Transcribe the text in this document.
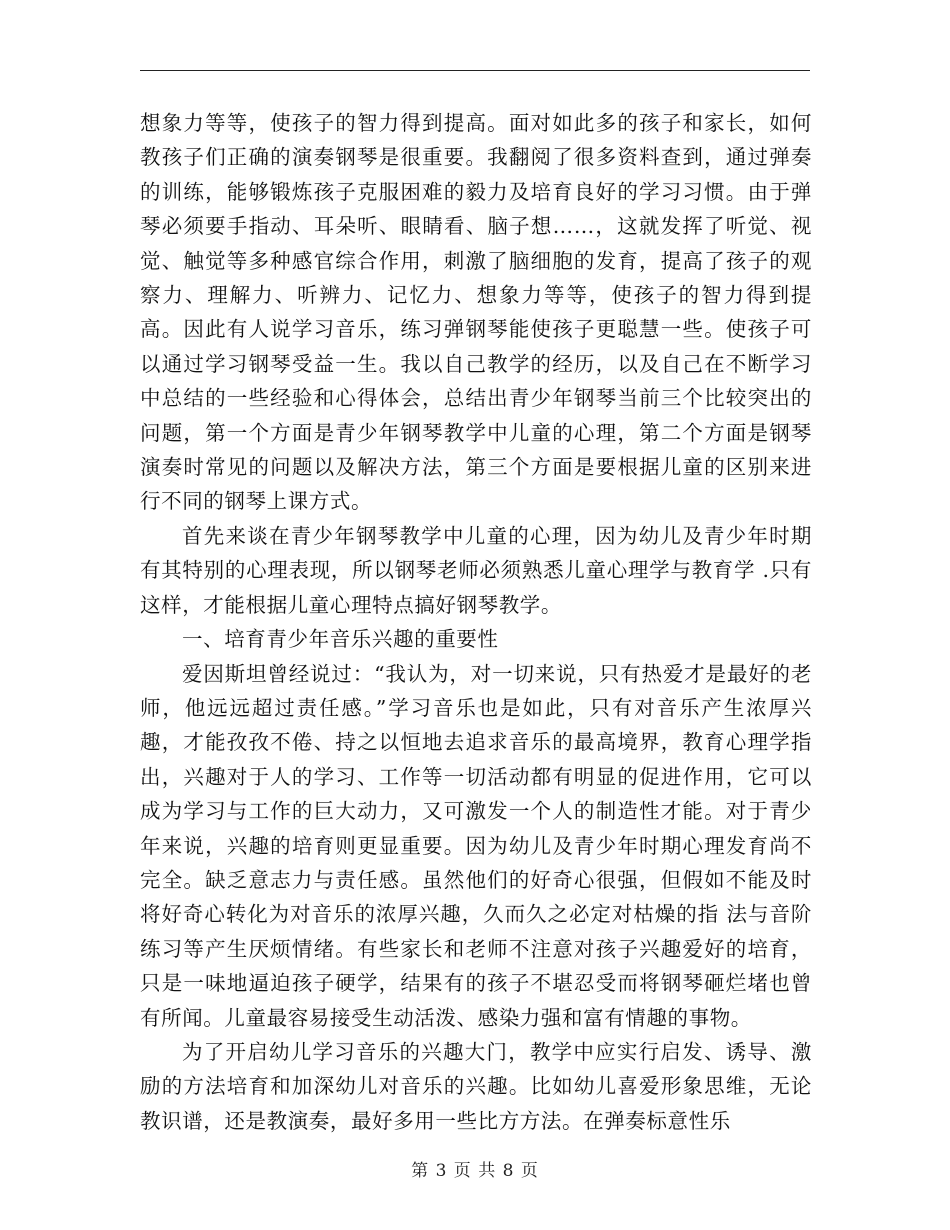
想象力等等，使孩子的智力得到提高。面对如此多的孩子和家长，如何教孩子们正确的演奏钢琴是很重要。我翻阅了很多资料查到，通过弹奏的训练，能够锻炼孩子克服困难的毅力及培育良好的学习习惯。由于弹琴必须要手指动、耳朵听、眼睛看、脑子想……，这就发挥了听觉、视觉、触觉等多种感官综合作用，刺激了脑细胞的发育，提高了孩子的观察力、理解力、听辨力、记忆力、想象力等等，使孩子的智力得到提高。因此有人说学习音乐，练习弹钢琴能使孩子更聪慧一些。使孩子可以通过学习钢琴受益一生。我以自己教学的经历，以及自己在不断学习中总结的一些经验和心得体会，总结出青少年钢琴当前三个比较突出的问题，第一个方面是青少年钢琴教学中儿童的心理，第二个方面是钢琴演奏时常见的问题以及解决方法，第三个方面是要根据儿童的区别来进行不同的钢琴上课方式。

首先来谈在青少年钢琴教学中儿童的心理，因为幼儿及青少年时期有其特别的心理表现，所以钢琴老师必须熟悉儿童心理学与教育学 .只有这样，才能根据儿童心理特点搞好钢琴教学。

一、培育青少年音乐兴趣的重要性

爱因斯坦曾经说过：“我认为，对一切来说，只有热爱才是最好的老师，他远远超过责任感。”学习音乐也是如此，只有对音乐产生浓厚兴趣，才能孜孜不倦、持之以恒地去追求音乐的最高境界，教育心理学指出，兴趣对于人的学习、工作等一切活动都有明显的促进作用，它可以成为学习与工作的巨大动力，又可激发一个人的制造性才能。对于青少年来说，兴趣的培育则更显重要。因为幼儿及青少年时期心理发育尚不完全。缺乏意志力与责任感。虽然他们的好奇心很强，但假如不能及时将好奇心转化为对音乐的浓厚兴趣，久而久之必定对枯燥的指 法与音阶练习等产生厌烦情绪。有些家长和老师不注意对孩子兴趣爱好的培育，只是一味地逼迫孩子硬学，结果有的孩子不堪忍受而将钢琴砸烂堵也曾有所闻。儿童最容易接受生动活泼、感染力强和富有情趣的事物。

为了开启幼儿学习音乐的兴趣大门，教学中应实行启发、诱导、激励的方法培育和加深幼儿对音乐的兴趣。比如幼儿喜爱形象思维，无论教识谱，还是教演奏，最好多用一些比方方法。在弹奏标意性乐

第 3 页 共 8 页
